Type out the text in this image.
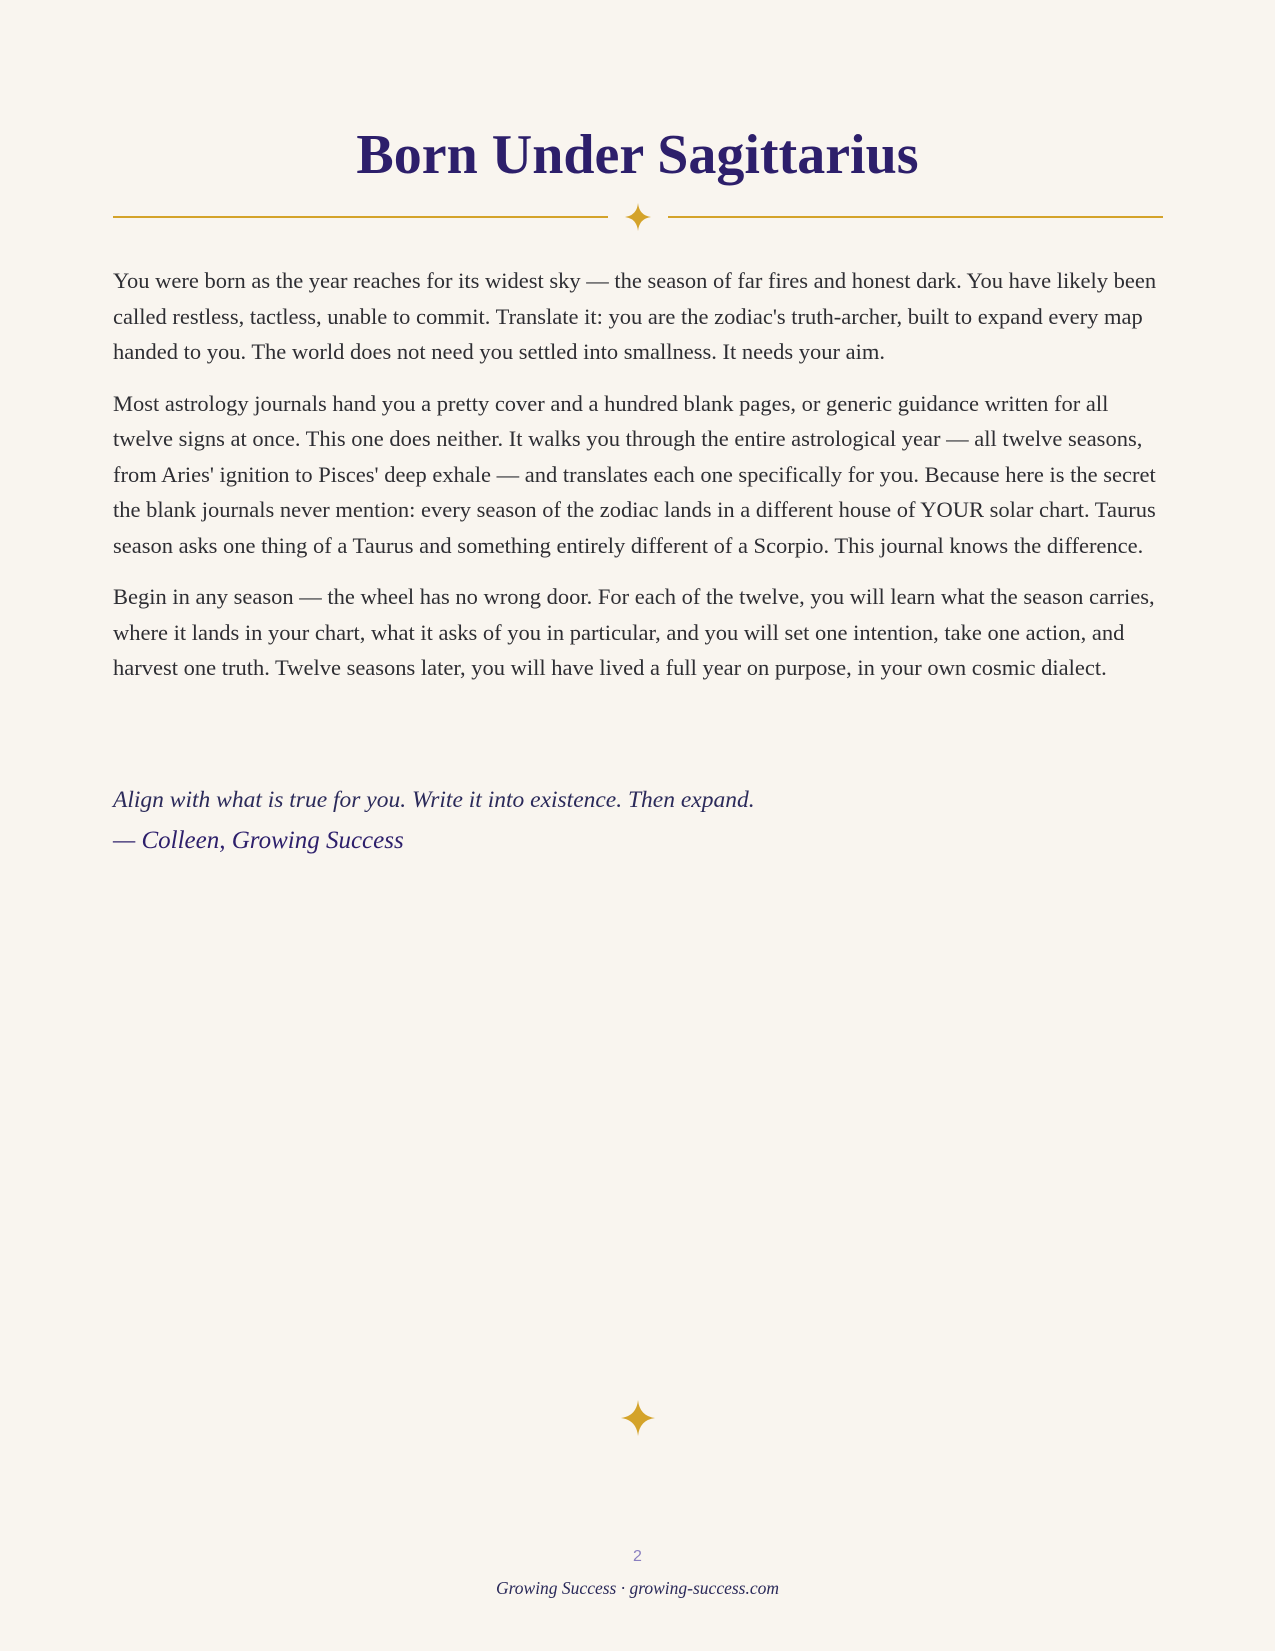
Born Under Sagittarius

You were born as the year reaches for its widest sky — the season of far fires and honest dark. You have likely been called restless, tactless, unable to commit. Translate it: you are the zodiac's truth-archer, built to expand every map handed to you. The world does not need you settled into smallness. It needs your aim.

Most astrology journals hand you a pretty cover and a hundred blank pages, or generic guidance written for all twelve signs at once. This one does neither. It walks you through the entire astrological year — all twelve seasons, from Aries' ignition to Pisces' deep exhale — and translates each one specifically for you. Because here is the secret the blank journals never mention: every season of the zodiac lands in a different house of YOUR solar chart. Taurus season asks one thing of a Taurus and something entirely different of a Scorpio. This journal knows the difference.

Begin in any season — the wheel has no wrong door. For each of the twelve, you will learn what the season carries, where it lands in your chart, what it asks of you in particular, and you will set one intention, take one action, and harvest one truth. Twelve seasons later, you will have lived a full year on purpose, in your own cosmic dialect.

Align with what is true for you. Write it into existence. Then expand.

— Colleen, Growing Success

2
Growing Success · growing-success.com
